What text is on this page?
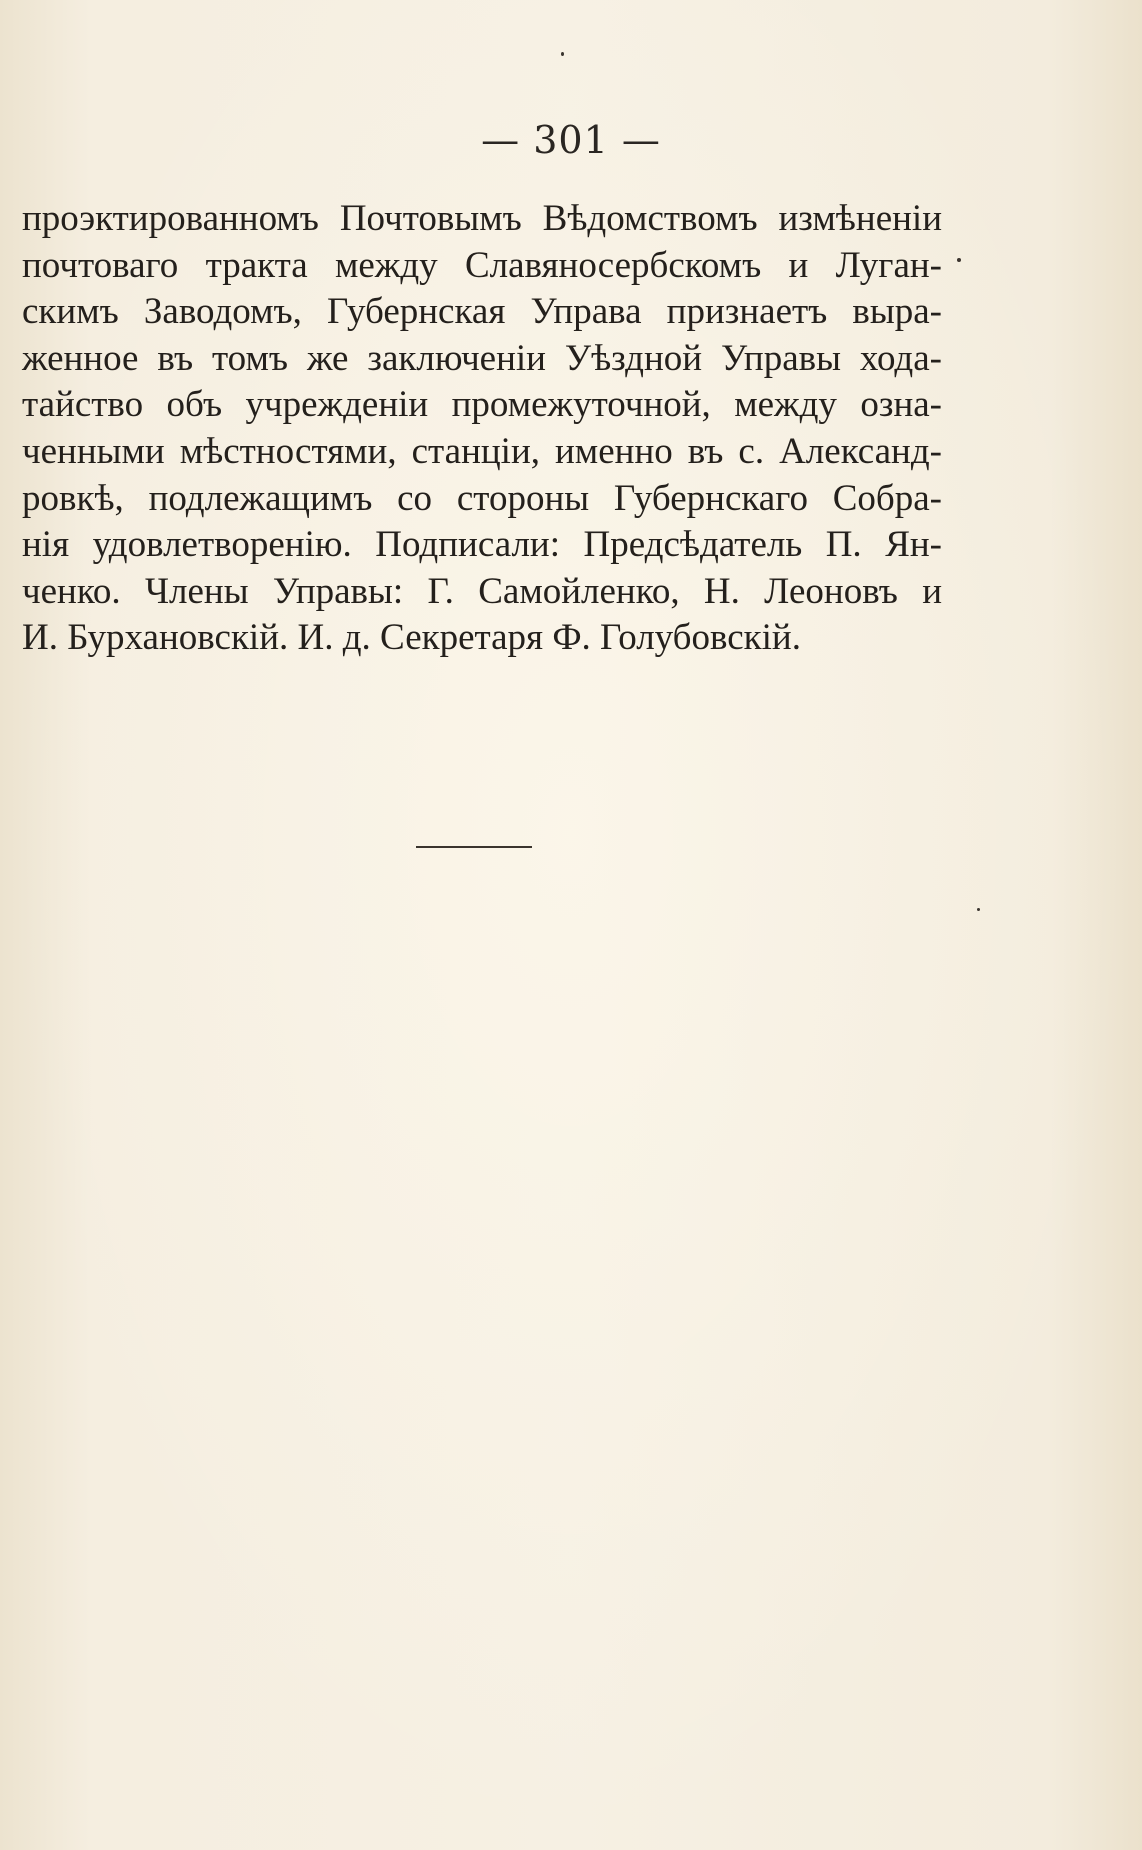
— 301 —
проэктированномъ Почтовымъ Вѣдомствомъ измѣненіи
почтоваго тракта между Славяносербскомъ и Луган-
скимъ Заводомъ, Губернская Управа признаетъ выра-
женное въ томъ же заключеніи Уѣздной Управы хода-
тайство объ учрежденіи промежуточной, между озна-
ченными мѣстностями, станціи, именно въ с. Александ-
ровкѣ, подлежащимъ со стороны Губернскаго Собра-
нія удовлетворенію. Подписали: Предсѣдатель П. Ян-
ченко. Члены Управы: Г. Самойленко, Н. Леоновъ и
И. Бурхановскій. И. д. Секретаря Ф. Голубовскій.
